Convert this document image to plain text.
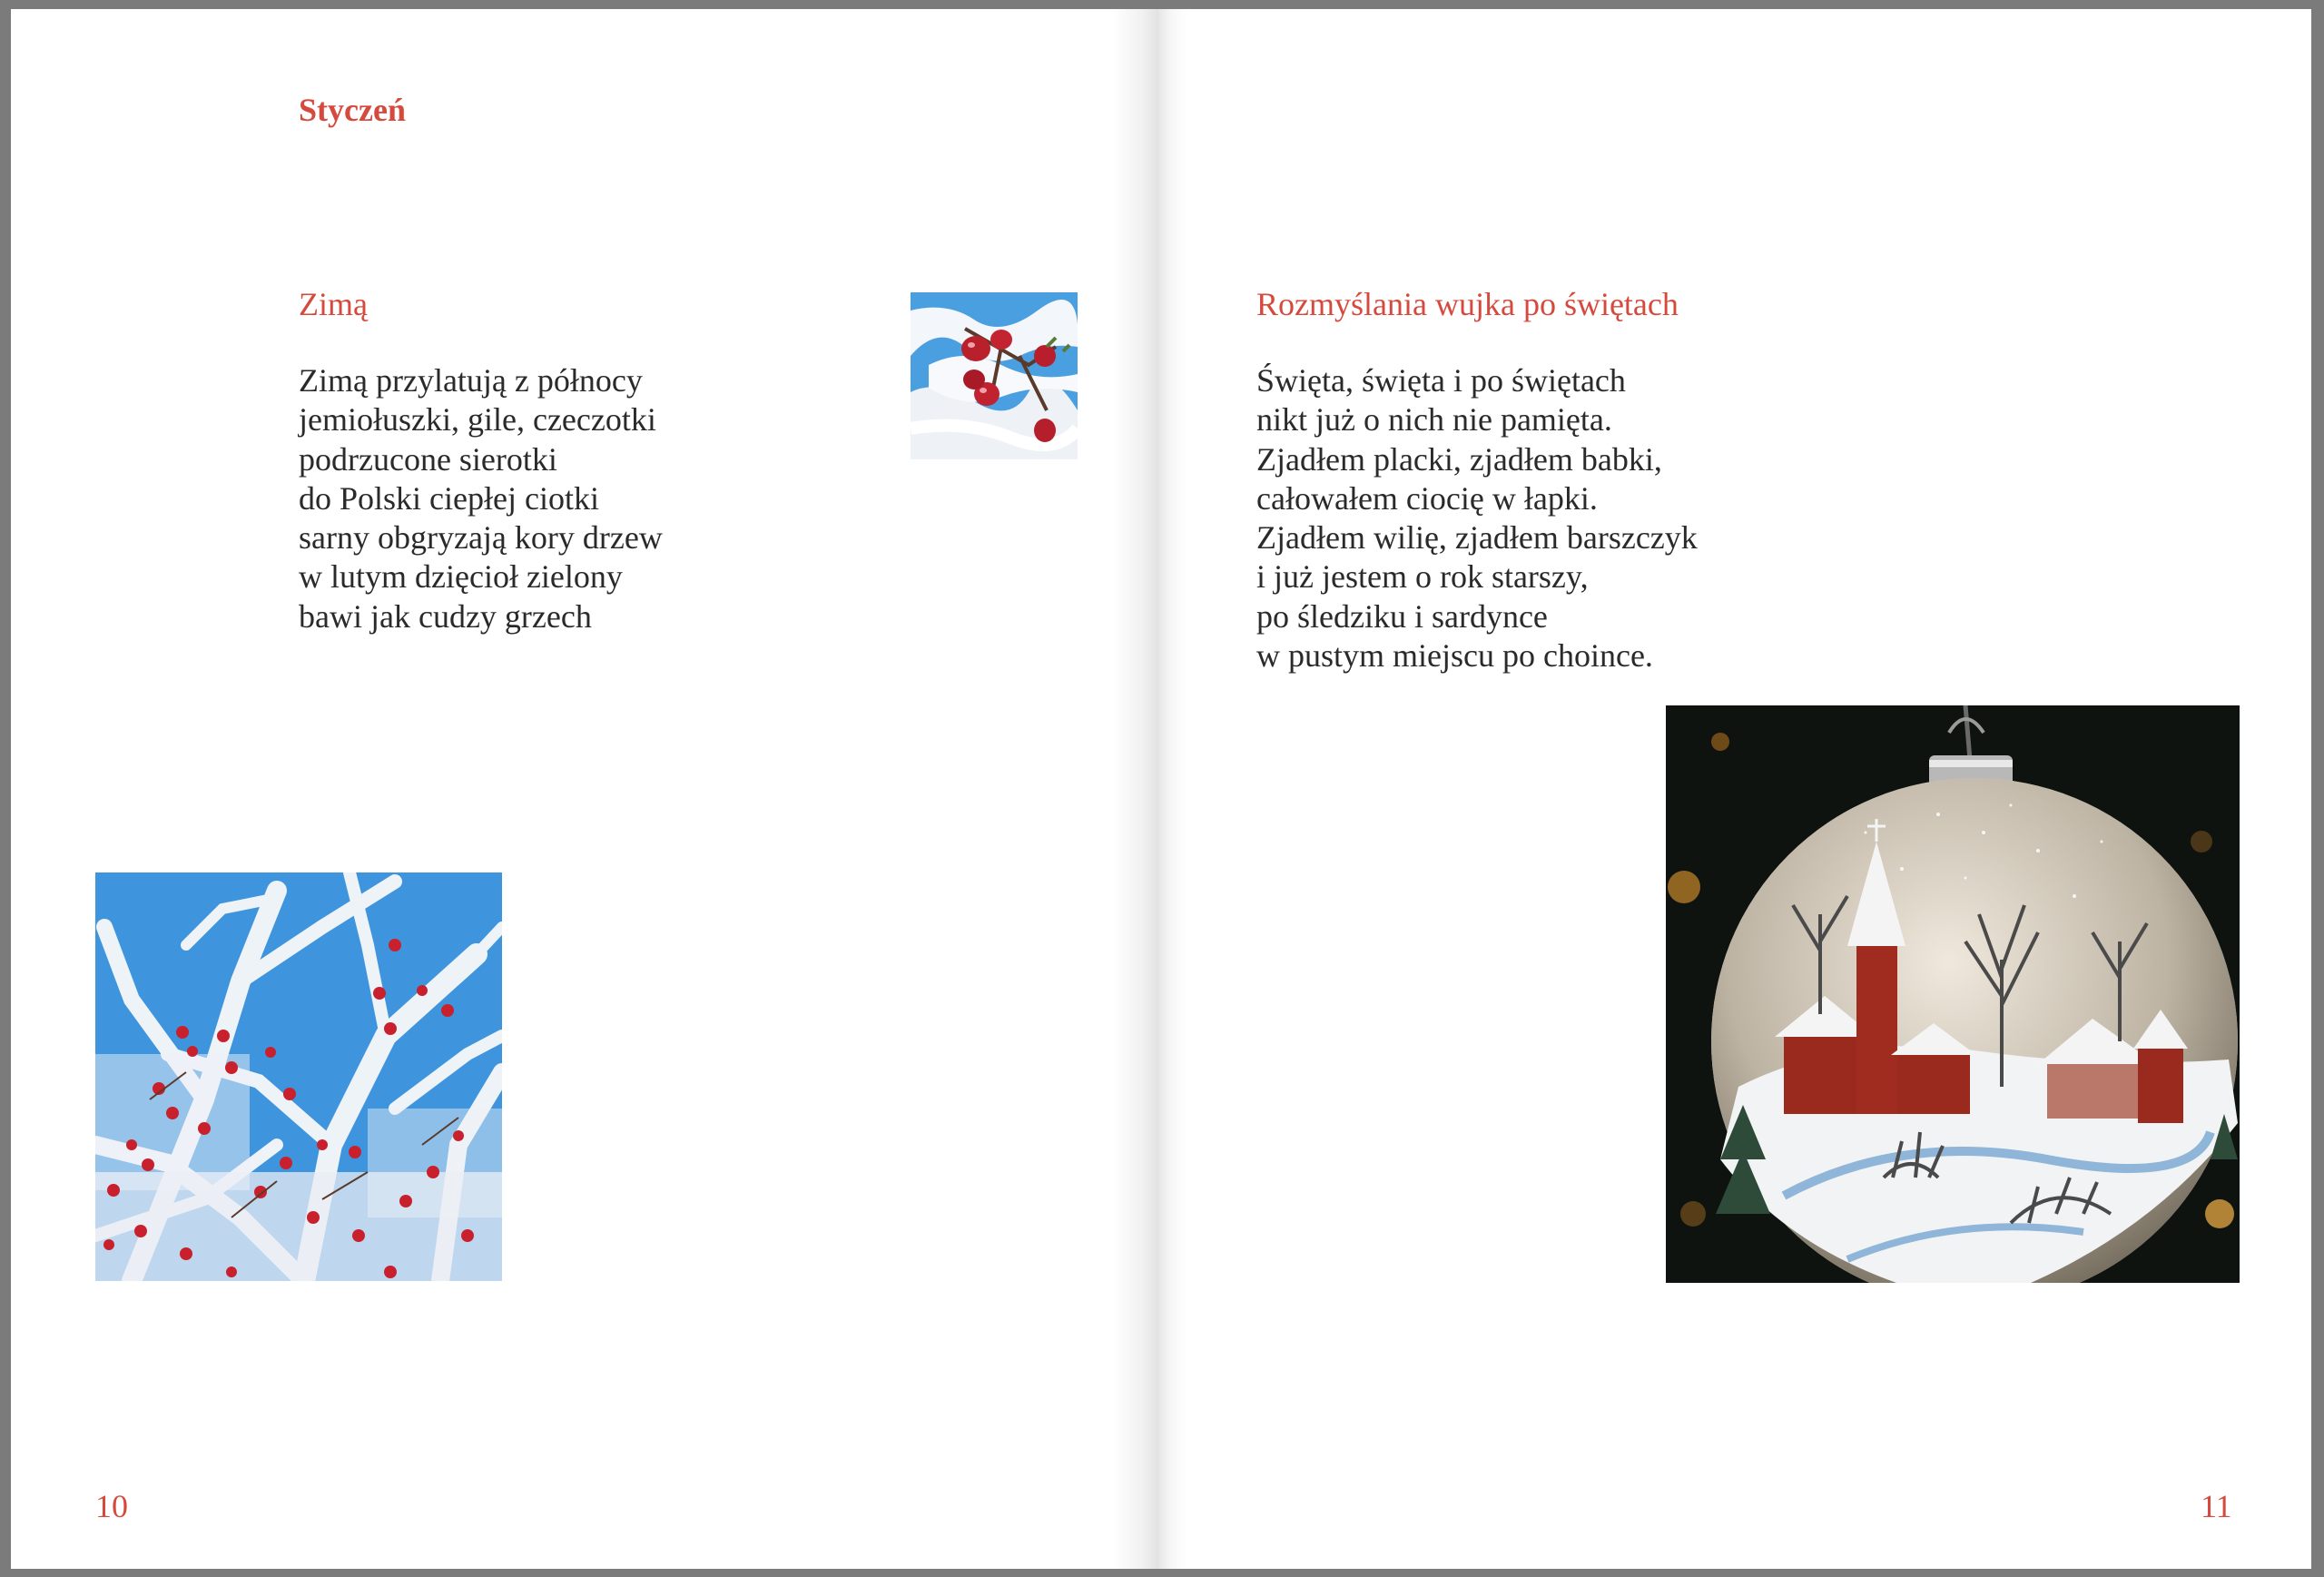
Styczeń
Zimą
Zimą przylatują z północy
jemiołuszki, gile, czeczotki
podrzucone sierotki
do Polski ciepłej ciotki
sarny obgryzają kory drzew
w lutym dzięcioł zielony
bawi jak cudzy grzech
10
Rozmyślania wujka po świętach
Święta, święta i po świętach
nikt już o nich nie pamięta.
Zjadłem placki, zjadłem babki,
całowałem ciocię w łapki.
Zjadłem wilię, zjadłem barszczyk
i już jestem o rok starszy,
po śledziku i sardynce
w pustym miejscu po choince.
11
